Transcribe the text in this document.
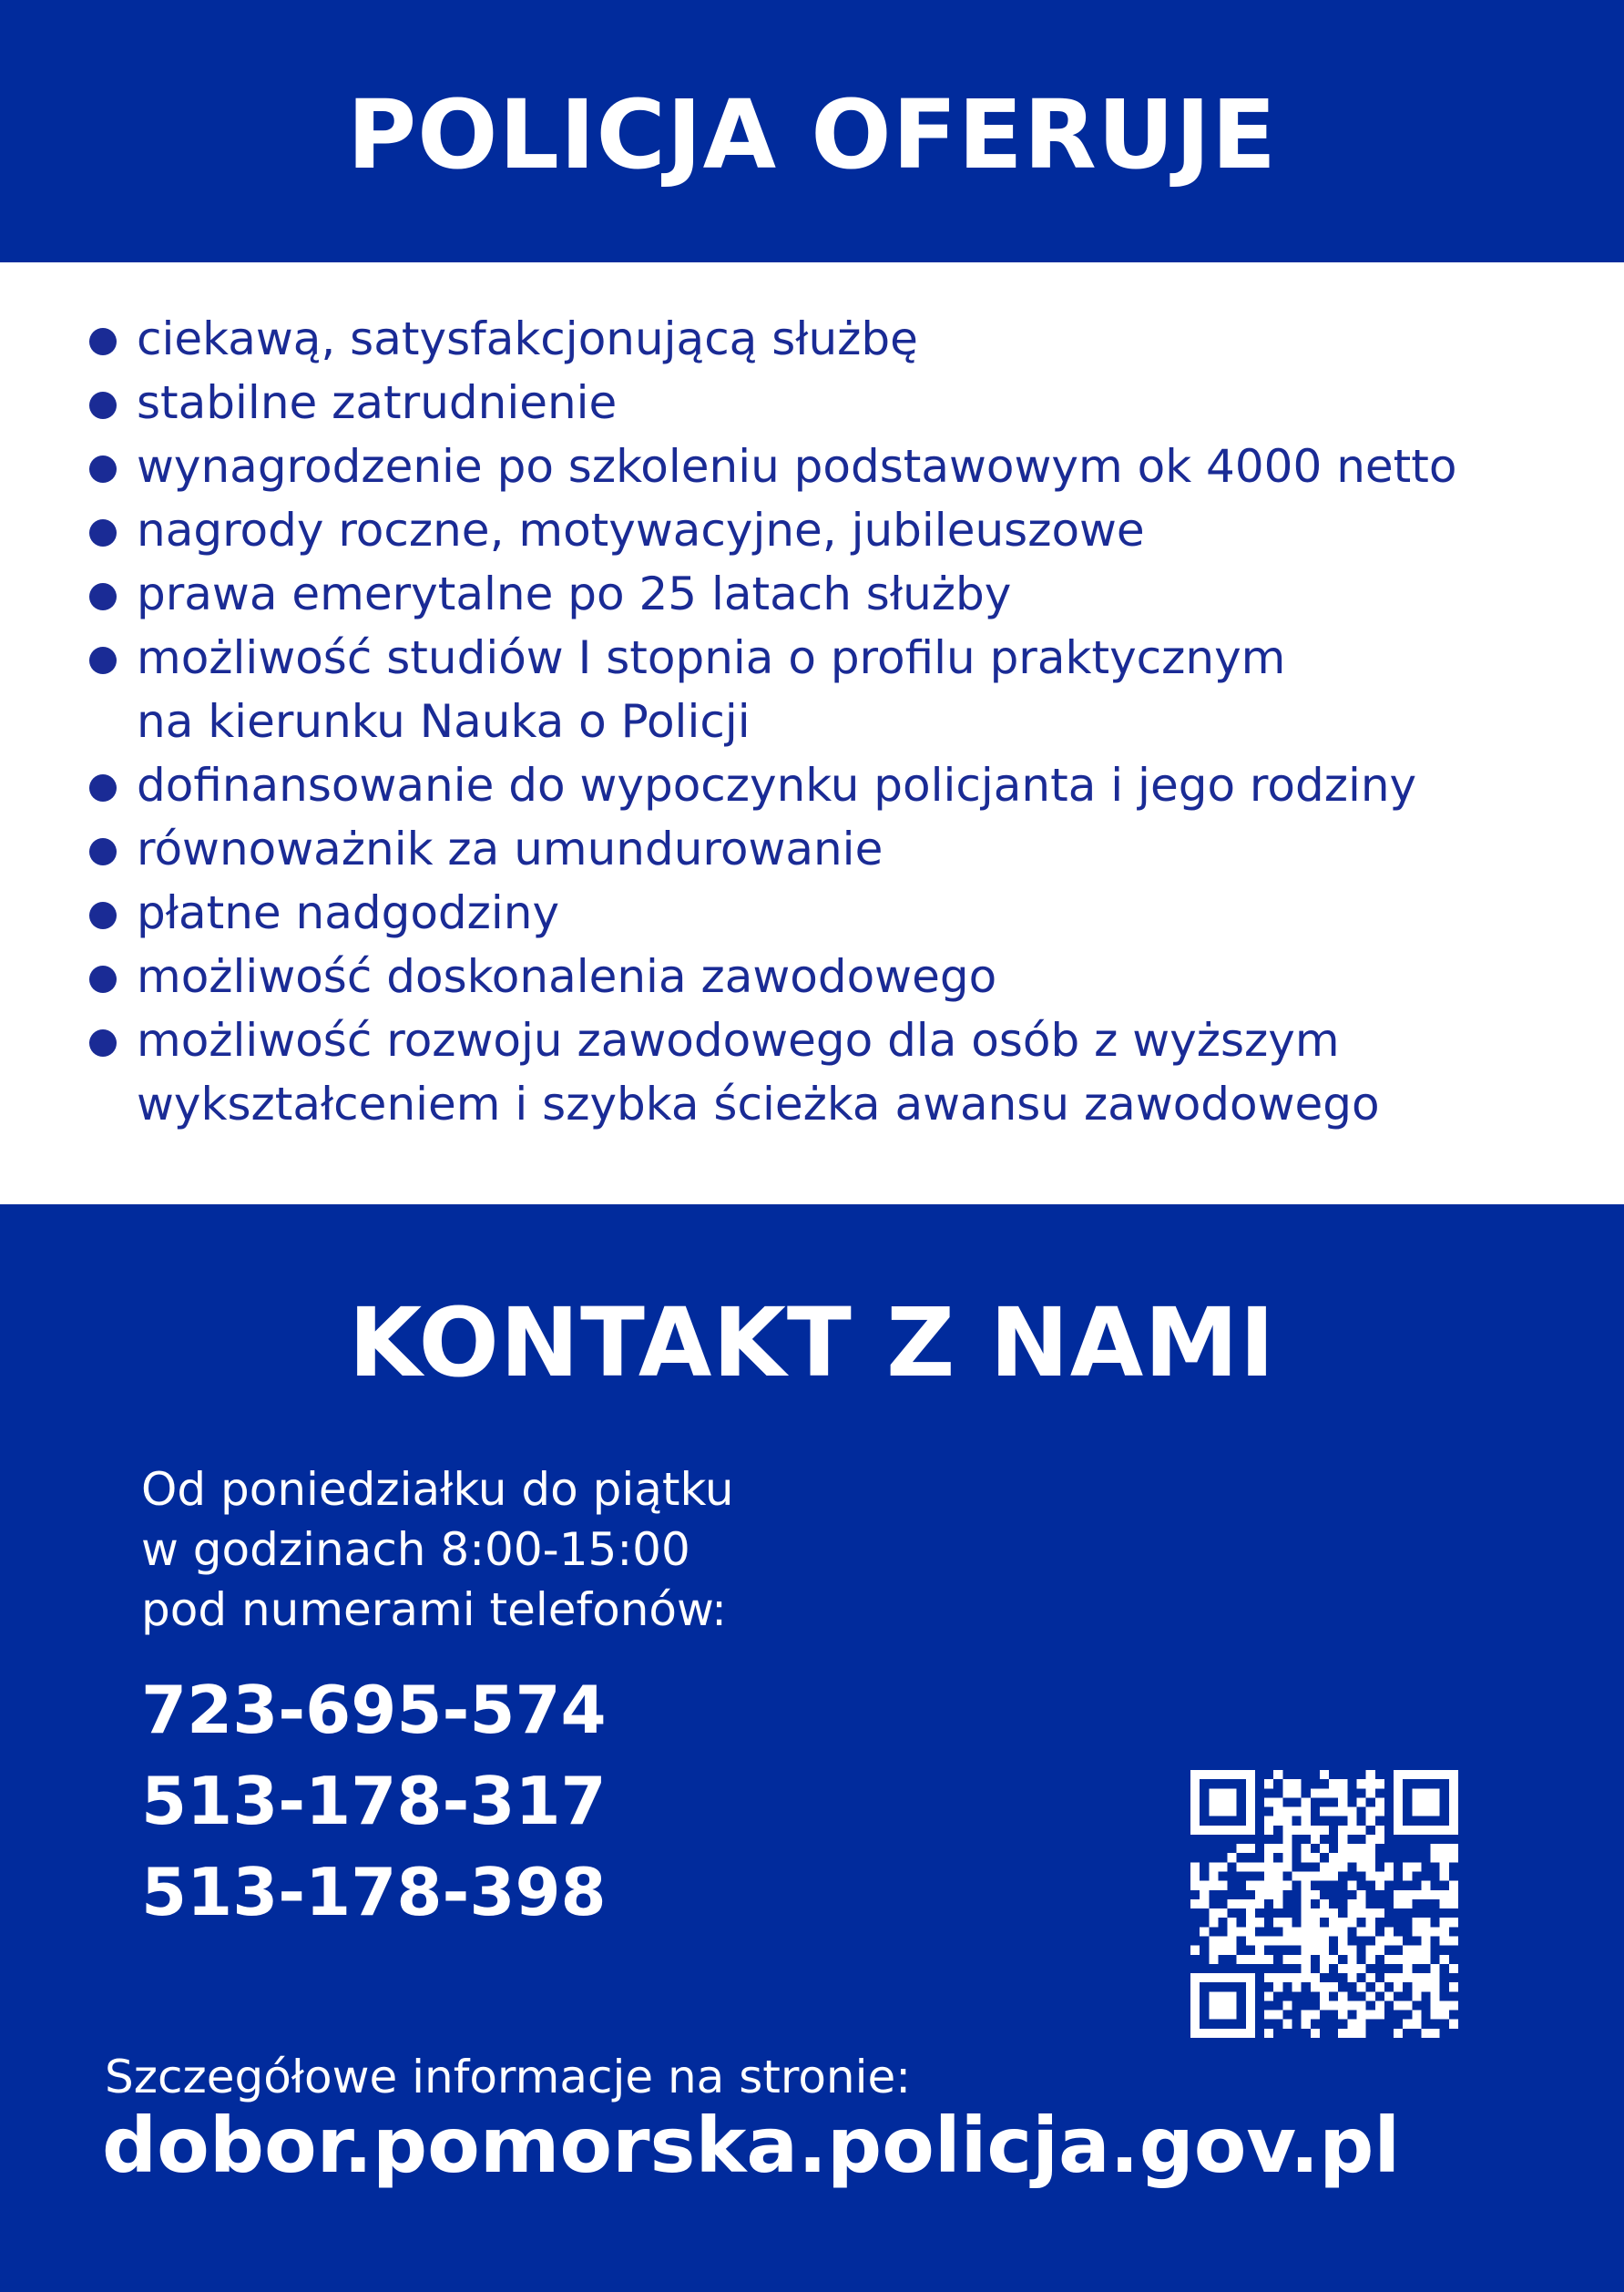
POLICJA OFERUJE
ciekawą, satysfakcjonującą służbę
stabilne zatrudnienie
wynagrodzenie po szkoleniu podstawowym ok 4000 netto
nagrody roczne, motywacyjne, jubileuszowe
prawa emerytalne po 25 latach służby
możliwość studiów I stopnia o profilu praktycznym
na kierunku Nauka o Policji
dofinansowanie do wypoczynku policjanta i jego rodziny
równoważnik za umundurowanie
płatne nadgodziny
możliwość doskonalenia zawodowego
możliwość rozwoju zawodowego dla osób z wyższym
wykształceniem i szybka ścieżka awansu zawodowego
KONTAKT Z NAMI
Od poniedziałku do piątku
w godzinach 8:00-15:00
pod numerami telefonów:
723-695-574
513-178-317
513-178-398
Szczegółowe informacje na stronie:
dobor.pomorska.policja.gov.pl
